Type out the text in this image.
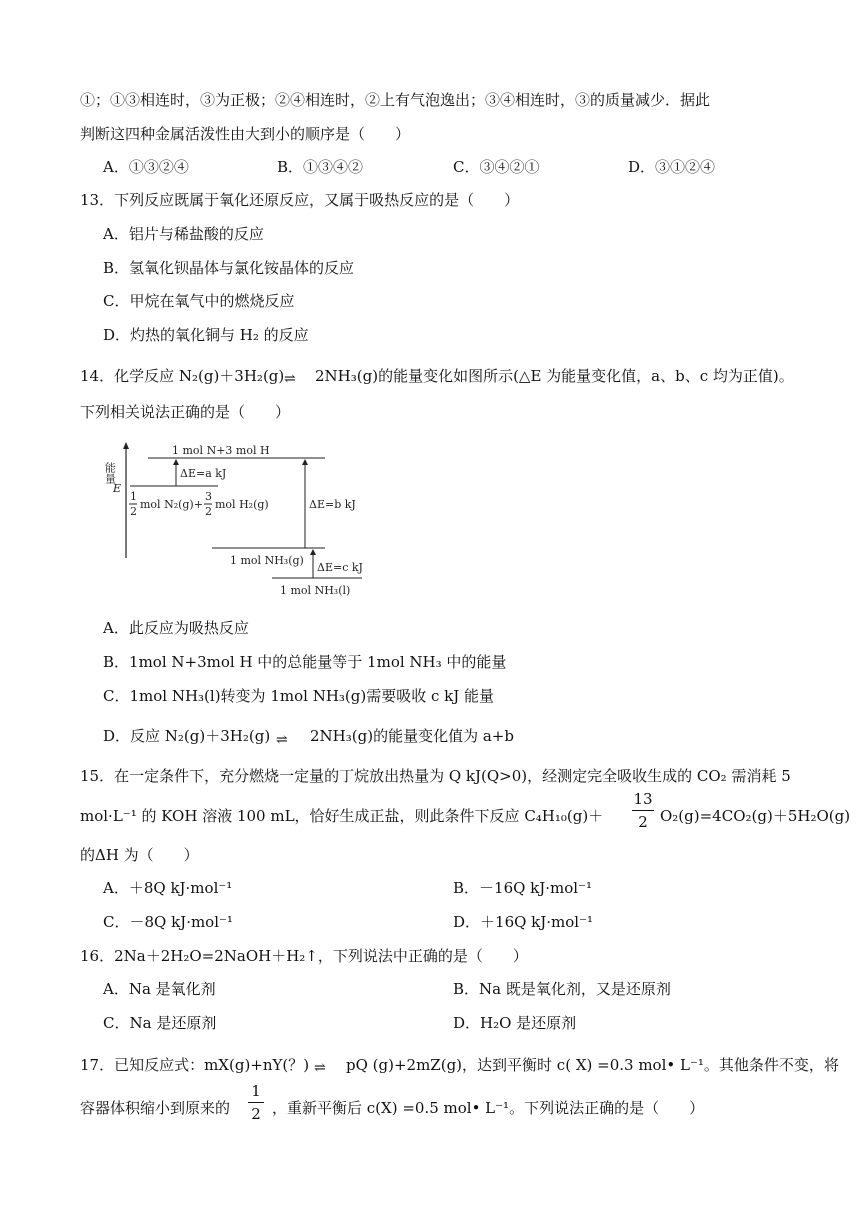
①；①③相连时，③为正极；②④相连时，②上有气泡逸出；③④相连时，③的质量减少．据此
判断这四种金属活泼性由大到小的顺序是（　　）
A．①③②④	B．①③④②	C．③④②①	D．③①②④
13．下列反应既属于氧化还原反应，又属于吸热反应的是（　　）
A．铝片与稀盐酸的反应
B．氢氧化钡晶体与氯化铵晶体的反应
C．甲烷在氧气中的燃烧反应
D．灼热的氧化铜与 H₂ 的反应
14．化学反应 N₂(g)＋3H₂(g) ⇌ 2NH₃(g)的能量变化如图所示(△E 为能量变化值，a、b、c 均为正值)。
下列相关说法正确的是（　　）
能量
E
1 mol N+3 mol H
ΔE=a kJ
1
2
mol N₂(g)+
3
2
mol H₂(g)	ΔE=b kJ
1 mol NH₃(g)
ΔE=c kJ
1 mol NH₃(l)
A．此反应为吸热反应
B．1mol N+3mol H 中的总能量等于 1mol NH₃ 中的能量
C．1mol NH₃(l)转变为 1mol NH₃(g)需要吸收 c kJ 能量
D．反应 N₂(g)＋3H₂(g) ⇌ 2NH₃(g)的能量变化值为 a+b
15．在一定条件下，充分燃烧一定量的丁烷放出热量为 Q kJ(Q>0)，经测定完全吸收生成的 CO₂ 需消耗 5
mol·L⁻¹ 的 KOH 溶液 100 mL，恰好生成正盐，则此条件下反应 C₄H₁₀(g)＋
13
2 O₂(g)=4CO₂(g)＋5H₂O(g)
的ΔH 为（　　）
A．＋8Q kJ·mol⁻¹	B．－16Q kJ·mol⁻¹
C．－8Q kJ·mol⁻¹	D．＋16Q kJ·mol⁻¹
16．2Na＋2H₂O=2NaOH＋H₂↑，下列说法中正确的是（　　）
A．Na 是氧化剂	B．Na 既是氧化剂，又是还原剂
C．Na 是还原剂	D．H₂O 是还原剂
17．已知反应式：mX(g)+nY(？) ⇌ pQ (g)+2mZ(g)，达到平衡时 c( X) =0.3 mol• L⁻¹。其他条件不变，将
容器体积缩小到原来的
1
2 ，重新平衡后 c(X) =0.5 mol• L⁻¹。下列说法正确的是（　　）
